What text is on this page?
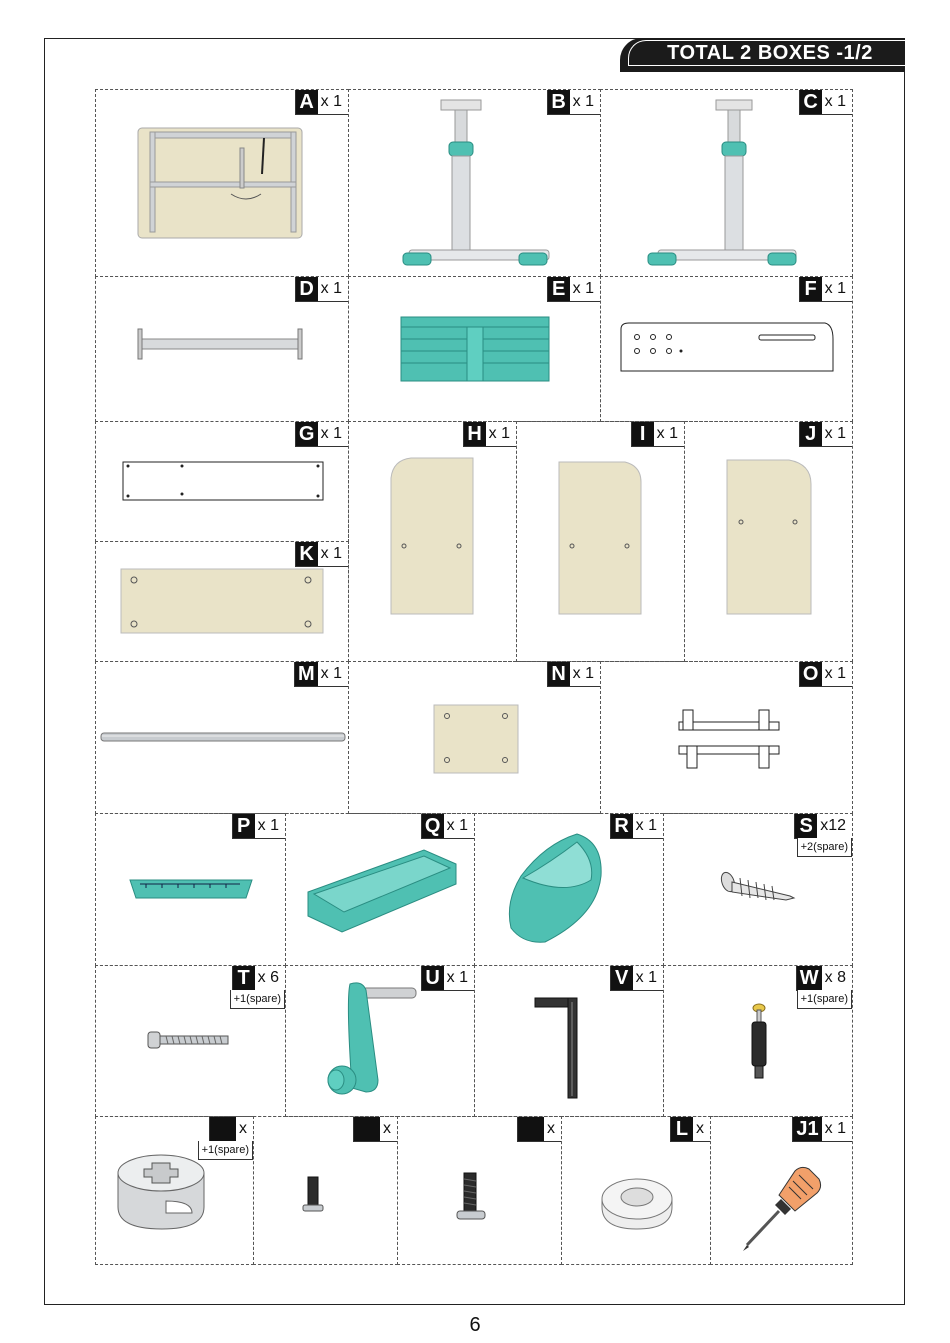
TOTAL 2 BOXES -1/2
A x 1	B x 1	C x 1
D x 1	E x 1	F x 1
G x 1
K x 1
H x 1	I x 1	J x 1
M x 1	N x 1	O x 1
P x 1	Q x 1	R x 1	S x12
+2(spare)
T x 6
+1(spare)
U x 1	V x 1	W x 8
+1(spare)
x
+1(spare)
x	x	L x	J1 x 1
6
